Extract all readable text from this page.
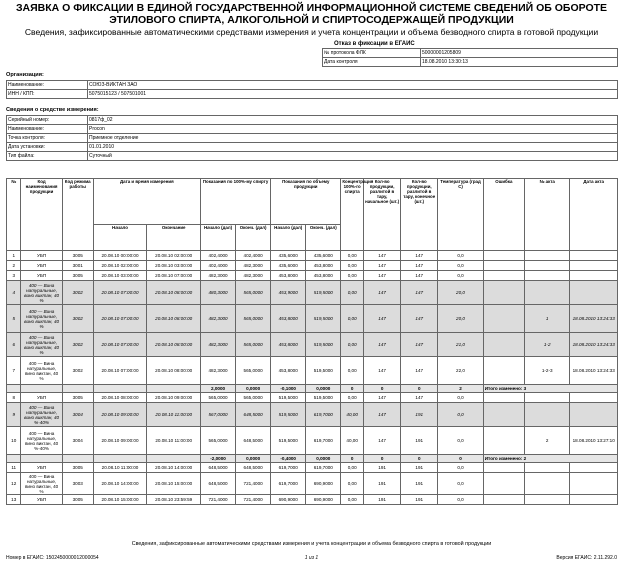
ЗАЯВКА О ФИКСАЦИИ В ЕДИНОЙ ГОСУДАРСТВЕННОЙ ИНФОРМАЦИОННОЙ СИСТЕМЕ СВЕДЕНИЙ ОБ ОБОРОТЕ ЭТИЛОВОГО СПИРТА, АЛКОГОЛЬНОЙ И СПИРТОСОДЕРЖАЩЕЙ ПРОДУКЦИИ
Сведения, зафиксированные автоматическими средствами измерения и учета концентрации и объема безводного спирта в готовой продукции
Отказ в фиксации в ЕГАИС
№ протокола ФЛК	50000001205809
Дата контроля	18.08.2010 13:30:13
Организация:
Наименование:	СОЮЗ-ВИКТАН ЗАО
ИНН / КПП:	5075015123 / 507501001
Сведения о средстве измерения:
Серийный номер:	0817ф_02
Наименование:	Procon
Точка контроля:	Приемное отделение
Дата установки:	01.01.2010
Тип файла:	Суточный
№	Код наименования продукции	Код режима работы	Дата и время измерения		Показания по 100%-му спирту		Показания по объему продукции		Концентрация 100%-го спирта	Кол-во продукции, разлитой в тару, начальное (шт.)	Кол-во продукции, разлитой в тару, конечное (шт.)	Температура (град С)	Ошибка	№ акта	Дата акта
			Начало	Окончание	Начало (дал)	Оконч. (дал)	Начало (дал)	Оконч. (дал)							
1	УБП	3005	20.08.10 00:00:00	20.08.10 02:00:00	402,4000	402,4000	435,6000	435,6000	0,00	147	147	0,0			
2	УБП	3001	20.08.10 02:00:00	20.08.10 03:00:00	402,4000	482,3000	435,6000	453,8000	0,00	147	147	0,0			
3	УБП	3005	20.08.10 03:00:00	20.08.10 07:00:00	482,3000	482,3000	453,8000	453,8000	0,00	147	147	0,0			
4	400 — Вина натуральные, вино виктан, 40 %	3002	20.08.10 07:00:00	20.08.10 08:00:00	480,3000	565,0000	453,9000	519,5000	0,00	147	147	20,0			
5	400 — Вина натуральные, вино виктан, 40 %	3002	20.08.10 07:00:00	20.08.10 08:00:00	482,3000	565,0000	453,8000	519,5000	0,00	147	147	20,0		1	18.08.2010 13:24:33
6	400 — Вина натуральные, вино виктан, 40 %	3002	20.08.10 07:00:00	20.08.10 08:00:00	482,3000	565,0000	453,8000	519,5000	0,00	147	147	21,0		1-2	18.08.2010 13:24:33
7	400 — Вина натуральные, вино виктан, 40 %	3002	20.08.10 07:00:00	20.08.10 08:00:00	482,3000	565,0000	453,8000	519,5000	0,00	147	147	22,0		1-2-3	18.08.2010 13:24:33
					2,0000	0,0000	-0,1000	0,0000	0	0	0	2	Итого изменено: 3		
8	УБП	3005	20.08.10 08:00:00	20.08.10 09:00:00	565,0000	565,0000	519,5000	519,5000	0,00	147	147	0,0			
9	400 — Вина натуральные, вино виктан, 40 %-40%	3004	20.08.10 09:00:00	20.08.10 11:00:00	567,0000	648,5000	519,5000	619,7000	40,00	147	191	0,0			
10	400 — Вина натуральные, вино виктан, 40 %-40%	3004	20.08.10 09:00:00	20.08.10 11:00:00	565,0000	648,5000	519,5000	619,7000	40,00	147	191	0,0		2	18.08.2010 13:27:10
					-2,0000	0,0000	-0,4000	0,0000	0	0	0	0	Итого изменено: 2		
11	УБП	3005	20.08.10 11:00:00	20.08.10 14:00:00	648,5000	648,5000	619,7000	619,7000	0,00	191	191	0,0			
12	400 — Вина натуральные, вино виктан, 40 %	3003	20.08.10 14:00:00	20.08.10 15:00:00	648,5000	721,4000	619,7000	690,9000	0,00	191	191	0,0			
13	УБП	3005	20.08.10 15:00:00	20.08.10 23:59:59	721,4000	721,4000	690,9000	690,9000	0,00	191	191	0,0			
Сведения, зафиксированные автоматическими средствами измерения и учета концентрации и объема безводного спирта в готовой продукции
Номер в ЕГАИС: 1502450000012000054	1 из 1	Версия ЕГАИС: 2.11.292.0
